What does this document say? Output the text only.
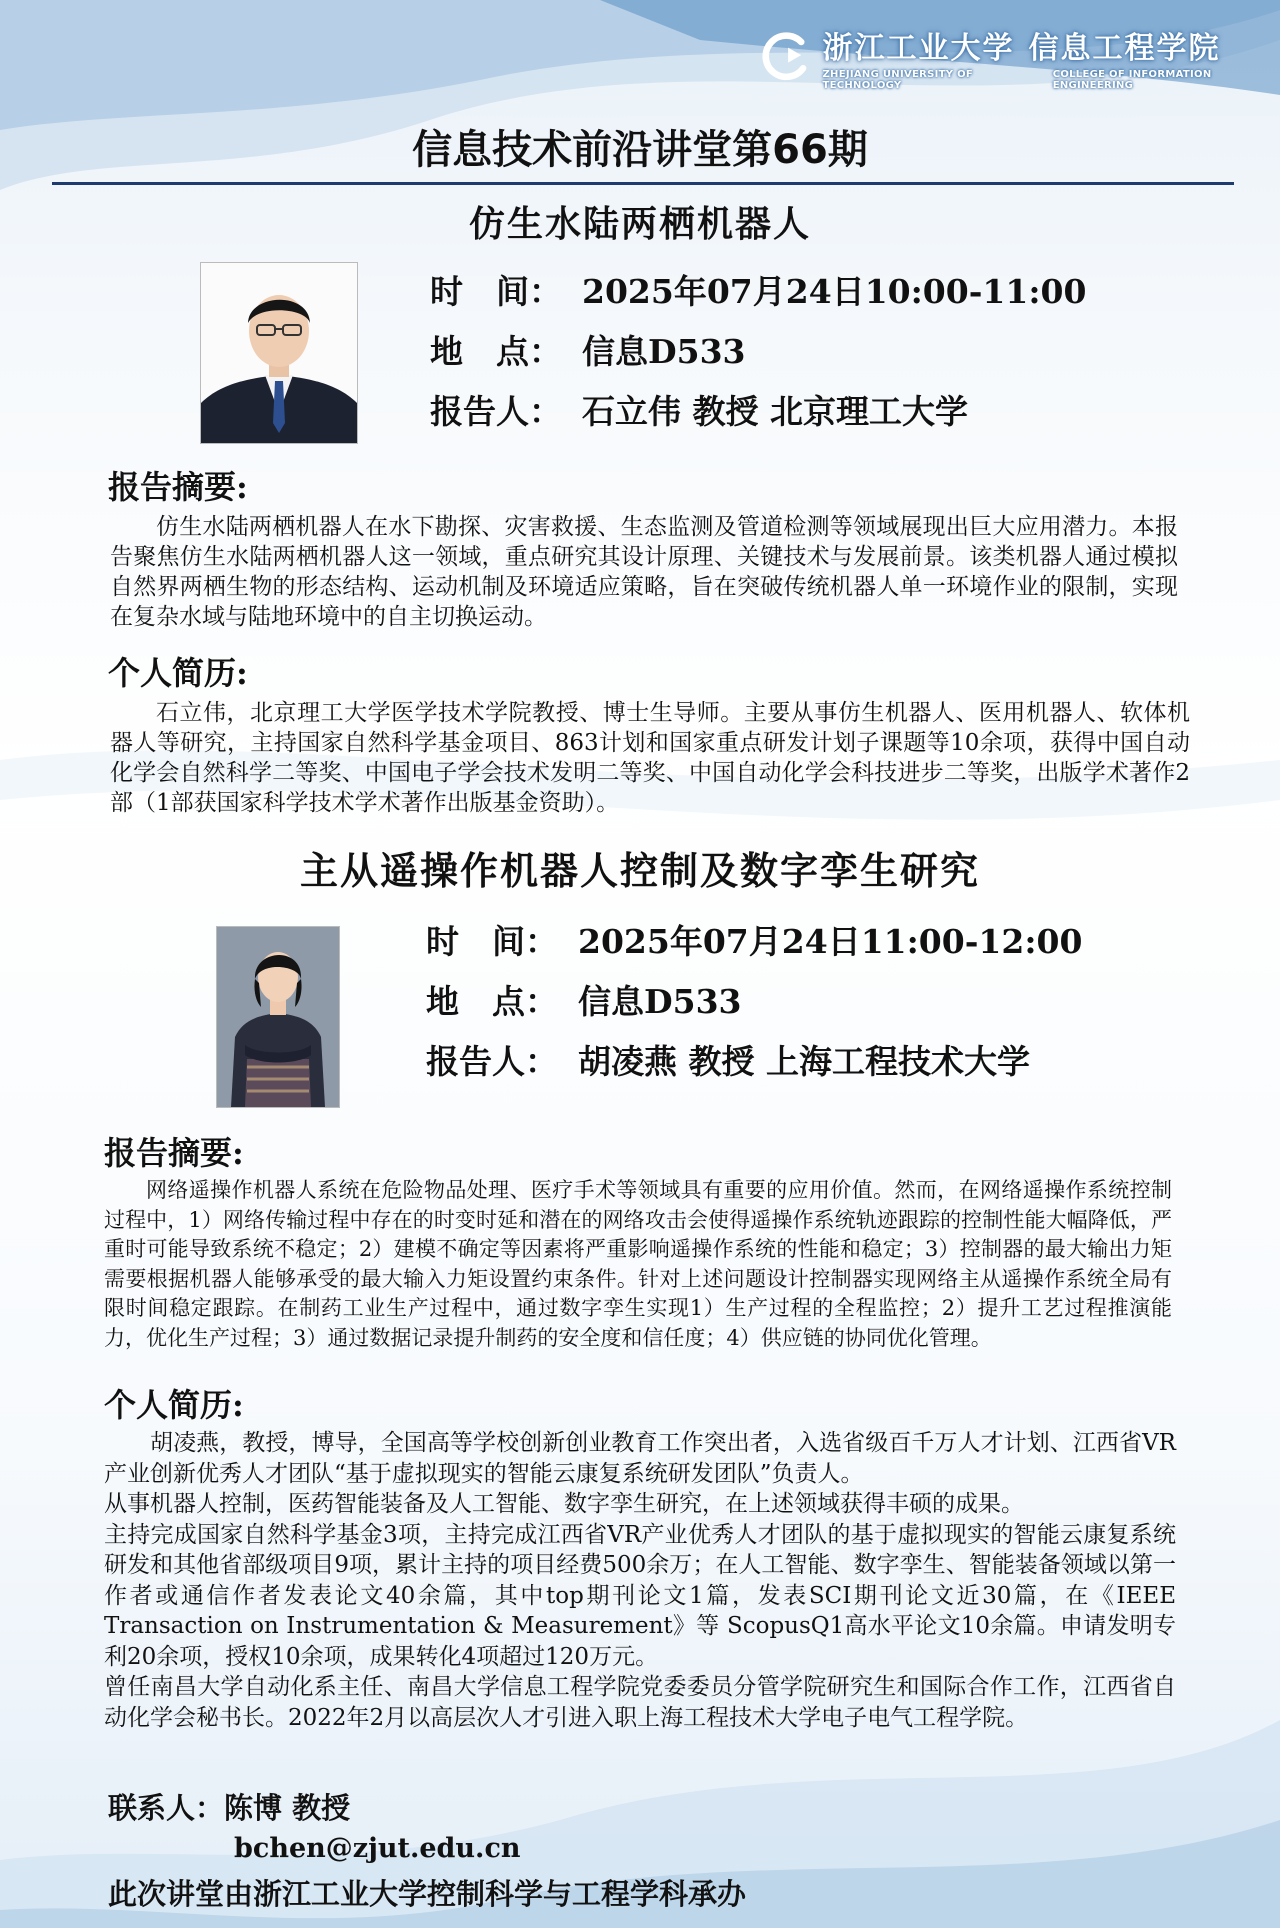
浙江工业大学 信息工程学院
ZHEJIANG UNIVERSITY OF TECHNOLOGY
COLLEGE OF INFORMATION ENGINEERING
信息技术前沿讲堂第66期
仿生水陆两栖机器人
时　间： 2025年07月24日10:00-11:00
地　点： 信息D533
报告人： 石立伟 教授 北京理工大学
报告摘要:
仿生水陆两栖机器人在水下勘探、灾害救援、生态监测及管道检测等领域展现出巨大应用潜力。本报告聚焦仿生水陆两栖机器人这一领域，重点研究其设计原理、关键技术与发展前景。该类机器人通过模拟自然界两栖生物的形态结构、运动机制及环境适应策略，旨在突破传统机器人单一环境作业的限制，实现在复杂水域与陆地环境中的自主切换运动。
个人简历:
石立伟，北京理工大学医学技术学院教授、博士生导师。主要从事仿生机器人、医用机器人、软体机器人等研究，主持国家自然科学基金项目、863计划和国家重点研发计划子课题等10余项，获得中国自动化学会自然科学二等奖、中国电子学会技术发明二等奖、中国自动化学会科技进步二等奖，出版学术著作2部（1部获国家科学技术学术著作出版基金资助）。
主从遥操作机器人控制及数字孪生研究
时　间： 2025年07月24日11:00-12:00
地　点： 信息D533
报告人： 胡凌燕 教授 上海工程技术大学
报告摘要:
网络遥操作机器人系统在危险物品处理、医疗手术等领域具有重要的应用价值。然而，在网络遥操作系统控制过程中，1）网络传输过程中存在的时变时延和潜在的网络攻击会使得遥操作系统轨迹跟踪的控制性能大幅降低，严重时可能导致系统不稳定；2）建模不确定等因素将严重影响遥操作系统的性能和稳定；3）控制器的最大输出力矩需要根据机器人能够承受的最大输入力矩设置约束条件。针对上述问题设计控制器实现网络主从遥操作系统全局有限时间稳定跟踪。在制药工业生产过程中，通过数字孪生实现1）生产过程的全程监控；2）提升工艺过程推演能力，优化生产过程；3）通过数据记录提升制药的安全度和信任度；4）供应链的协同优化管理。
个人简历:
胡凌燕，教授，博导，全国高等学校创新创业教育工作突出者，入选省级百千万人才计划、江西省VR产业创新优秀人才团队“基于虚拟现实的智能云康复系统研发团队”负责人。
从事机器人控制，医药智能装备及人工智能、数字孪生研究，在上述领域获得丰硕的成果。
主持完成国家自然科学基金3项，主持完成江西省VR产业优秀人才团队的基于虚拟现实的智能云康复系统研发和其他省部级项目9项，累计主持的项目经费500余万；在人工智能、数字孪生、智能装备领域以第一作者或通信作者发表论文40余篇，其中top期刊论文1篇，发表SCI期刊论文近30篇，在《IEEE Transaction on Instrumentation & Measurement》等 ScopusQ1高水平论文10余篇。申请发明专利20余项，授权10余项，成果转化4项超过120万元。
曾任南昌大学自动化系主任、南昌大学信息工程学院党委委员分管学院研究生和国际合作工作，江西省自动化学会秘书长。2022年2月以高层次人才引进入职上海工程技术大学电子电气工程学院。
联系人：陈博 教授
bchen@zjut.edu.cn
此次讲堂由浙江工业大学控制科学与工程学科承办
